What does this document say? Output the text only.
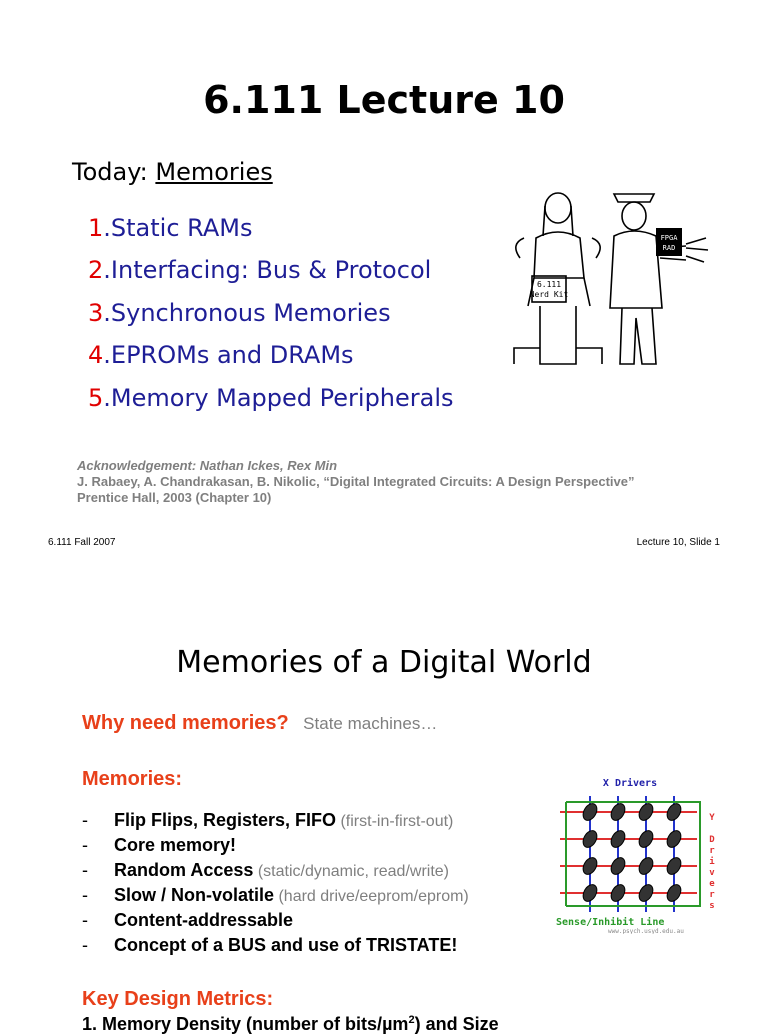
6.111 Lecture 10
Today: Memories
1.Static RAMs
2.Interfacing: Bus & Protocol
3.Synchronous Memories
4.EPROMs and DRAMs
5.Memory Mapped Peripherals
FPGA
RAD
6.111
Nerd Kit
Acknowledgement: Nathan Ickes, Rex Min
J. Rabaey, A. Chandrakasan, B. Nikolic, “Digital Integrated Circuits: A Design Perspective”
Prentice Hall, 2003 (Chapter 10)
6.111 Fall 2007	Lecture 10, Slide 1
Memories of a Digital World
Why need memories? State machines…
Memories:
- Flip Flips, Registers, FIFO (first-in-first-out)
- Core memory!
- Random Access (static/dynamic, read/write)
- Slow / Non-volatile (hard drive/eeprom/eprom)
- Content-addressable
- Concept of a BUS and use of TRISTATE!
X Drivers
Y
D
r
i
v
e
r
s
Sense/Inhibit Line
www.psych.usyd.edu.au
Key Design Metrics:
1. Memory Density (number of bits/µm$^2$) and Size
